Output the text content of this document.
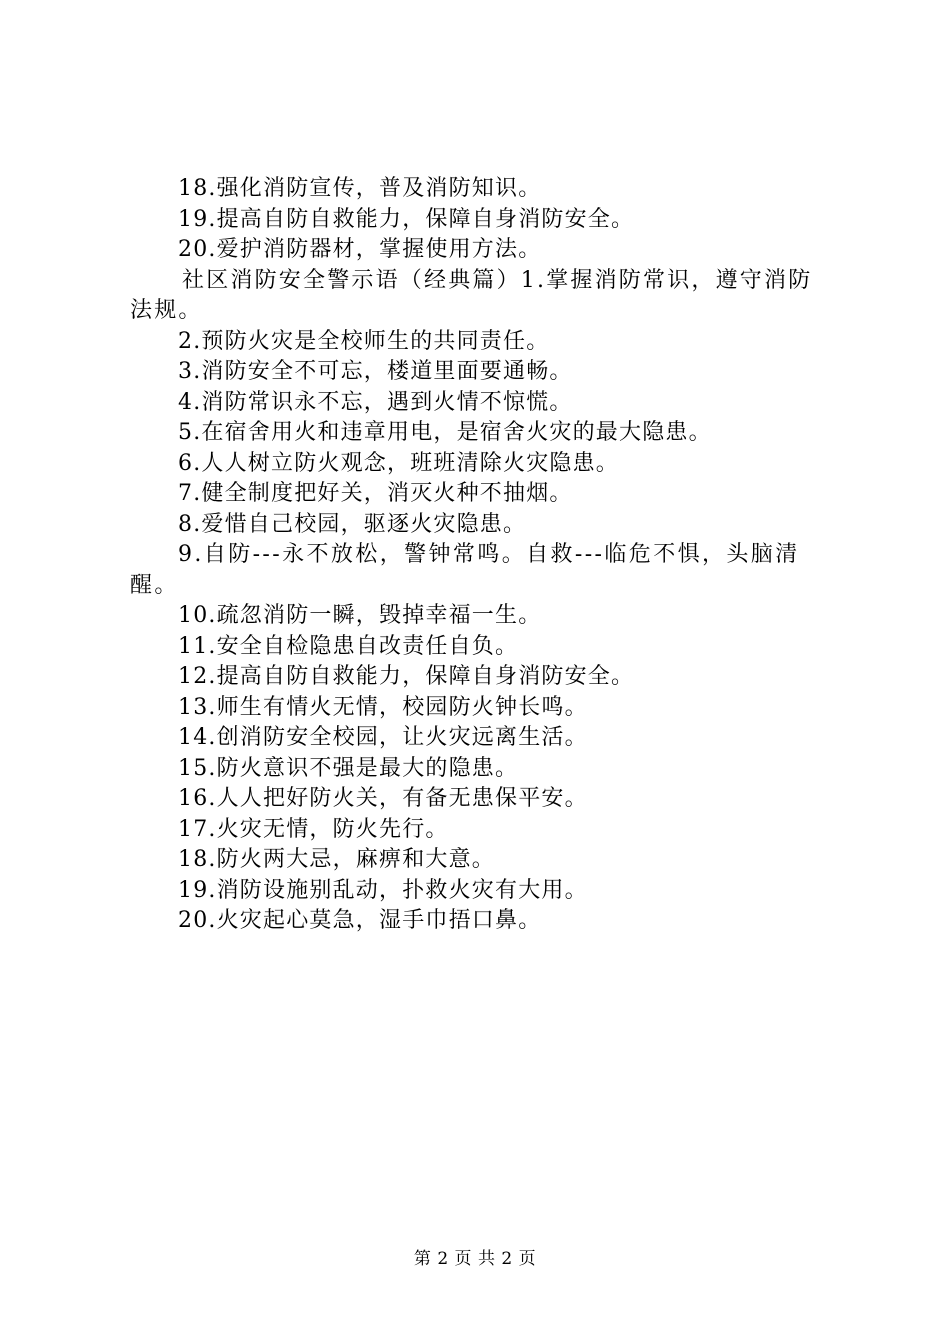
18.强化消防宣传，普及消防知识。

19.提高自防自救能力，保障自身消防安全。

20.爱护消防器材，掌握使用方法。

社区消防安全警示语（经典篇）1.掌握消防常识，遵守消防法规。

2.预防火灾是全校师生的共同责任。

3.消防安全不可忘，楼道里面要通畅。

4.消防常识永不忘，遇到火情不惊慌。

5.在宿舍用火和违章用电，是宿舍火灾的最大隐患。

6.人人树立防火观念，班班清除火灾隐患。

7.健全制度把好关，消灭火种不抽烟。

8.爱惜自己校园，驱逐火灾隐患。

9.自防---永不放松，警钟常鸣。自救---临危不惧，头脑清醒。

10.疏忽消防一瞬，毁掉幸福一生。

11.安全自检隐患自改责任自负。

12.提高自防自救能力，保障自身消防安全。

13.师生有情火无情，校园防火钟长鸣。

14.创消防安全校园，让火灾远离生活。

15.防火意识不强是最大的隐患。

16.人人把好防火关，有备无患保平安。

17.火灾无情，防火先行。

18.防火两大忌，麻痹和大意。

19.消防设施别乱动，扑救火灾有大用。

20.火灾起心莫急，湿手巾捂口鼻。

第 2 页 共 2 页
